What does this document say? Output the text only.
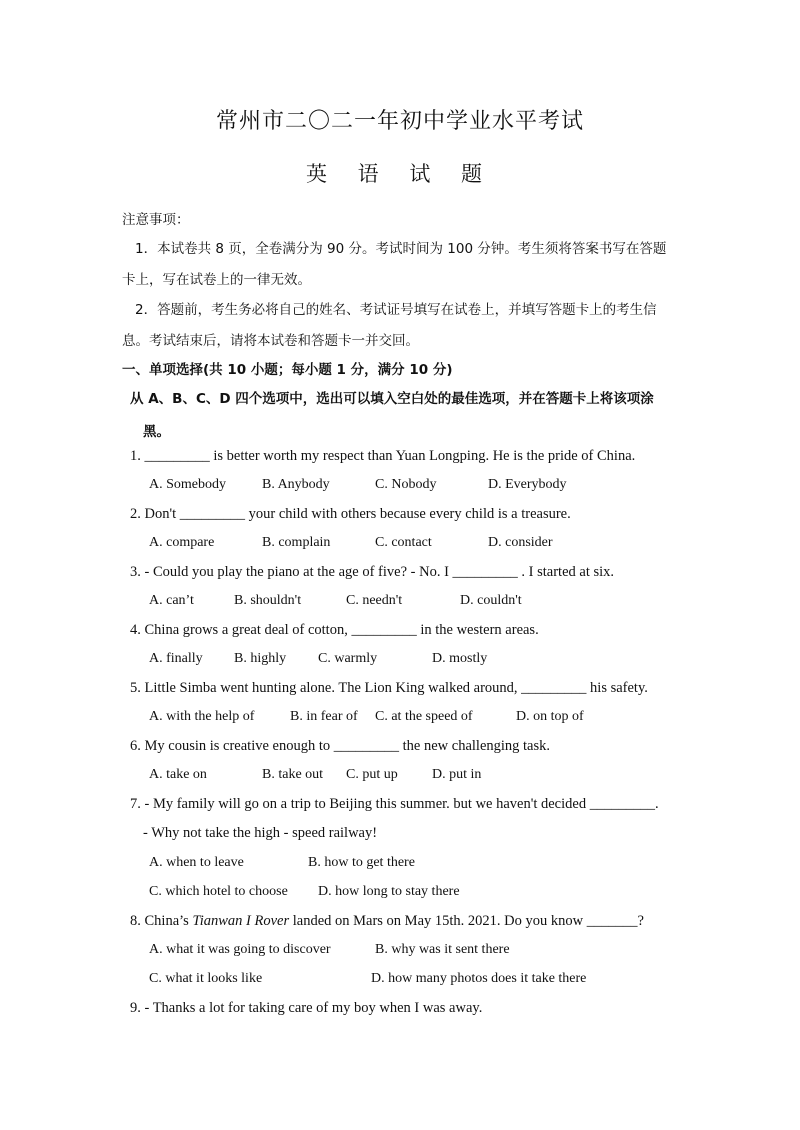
常州市二〇二一年初中学业水平考试
英 语 试 题
注意事项：
1．本试卷共 8 页，全卷满分为 90 分。考试时间为 100 分钟。考生须将答案书写在答题
卡上，写在试卷上的一律无效。
2．答题前，考生务必将自己的姓名、考试证号填写在试卷上，并填写答题卡上的考生信
息。考试结束后，请将本试卷和答题卡一并交回。
一、单项选择(共 10 小题；每小题 1 分，满分 10 分)
从 A、B、C、D 四个选项中，选出可以填入空白处的最佳选项，并在答题卡上将该项涂
黑。
1. _________ is better worth my respect than Yuan Longping. He is the pride of China.
A. Somebody	B. Anybody	C. Nobody	D. Everybody
2. Don't _________ your child with others because every child is a treasure.
A. compare	B. complain	C. contact	D. consider
3. - Could you play the piano at the age of five? - No. I _________ . I started at six.
A. can’t	B. shouldn't	C. needn't	D. couldn't
4. China grows a great deal of cotton, _________ in the western areas.
A. finally B. highly C. warmly	D. mostly
5. Little Simba went hunting alone. The Lion King walked around, _________ his safety.
A. with the help of	B. in fear of C. at the speed of	D. on top of
6. My cousin is creative enough to _________ the new challenging task.
A. take on	B. take out C. put up D. put in
7. - My family will go on a trip to Beijing this summer. but we haven't decided _________.
- Why not take the high - speed railway!
A. when to leave	B. how to get there
C. which hotel to choose D. how long to stay there
8. China’s Tianwan I Rover landed on Mars on May 15th. 2021. Do you know _______?
A. what it was going to discover	B. why was it sent there
C. what it looks like	D. how many photos does it take there
9. - Thanks a lot for taking care of my boy when I was away.
